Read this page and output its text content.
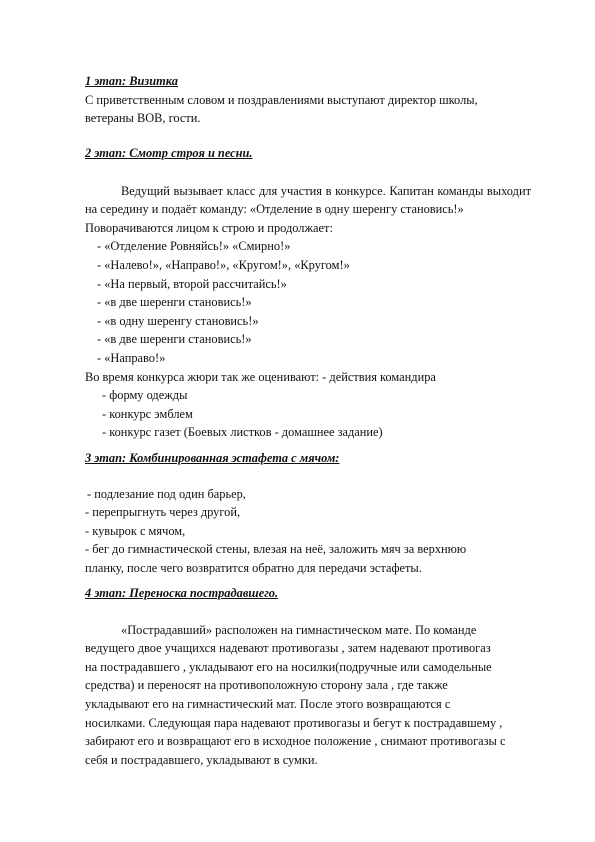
1 этап: Визитка

С приветственным словом и поздравлениями выступают директор школы,

ветераны ВОВ, гости.

2 этап: Смотр строя и песни.

Ведущий вызывает класс для участия в конкурсе. Капитан команды выходит на середину и подаёт команду: «Отделение в одну шеренгу становись!»

Поворачиваются лицом к строю и продолжает:

- «Отделение Ровняйсь!» «Смирно!»

- «Налево!», «Направо!», «Кругом!», «Кругом!»

- «На первый, второй рассчитайсь!»

- «в две шеренги становись!»

- «в одну шеренгу становись!»

- «в две шеренги становись!»

- «Направо!»

Во время конкурса жюри так же оценивают: - действия командира

- форму одежды

- конкурс эмблем

- конкурс газет (Боевых листков - домашнее задание)

3 этап: Комбинированная эстафета с мячом:

- подлезание под один барьер,

- перепрыгнуть через другой,

- кувырок с мячом,

- бег до гимнастической стены, влезая на неё, заложить мяч за верхнюю

планку, после чего возвратится обратно для передачи эстафеты.

4 этап: Переноска пострадавшего.

«Пострадавший» расположен на гимнастическом мате. По команде

ведущего двое учащихся надевают противогазы , затем надевают противогаз

на пострадавшего , укладывают его на носилки(подручные или самодельные

средства) и переносят на противоположную сторону зала , где также

укладывают его на гимнастический мат. После этого возвращаются с

носилками. Следующая пара надевают противогазы и бегут к пострадавшему ,

забирают его и возвращают его в исходное положение , снимают противогазы с

себя и пострадавшего, укладывают в сумки.
